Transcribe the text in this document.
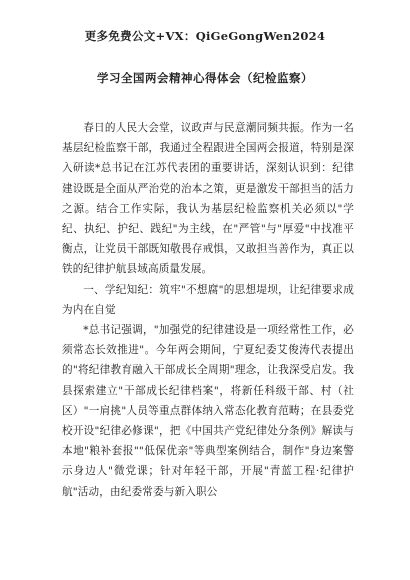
更多免费公文+VX：QiGeGongWen2024
学习全国两会精神心得体会（纪检监察）

春日的人民大会堂，议政声与民意潮同频共振。作为一名基层纪检监察干部，我通过全程跟进全国两会报道，特别是深入研读*总书记在江苏代表团的重要讲话，深刻认识到：纪律建设既是全面从严治党的治本之策，更是激发干部担当的活力之源。结合工作实际，我认为基层纪检监察机关必须以"学纪、执纪、护纪、践纪"为主线，在"严管"与"厚爱"中找准平衡点，让党员干部既知敬畏存戒惧，又敢担当善作为，真正以铁的纪律护航县域高质量发展。

一、学纪知纪：筑牢"不想腐"的思想堤坝，让纪律要求成为内在自觉

*总书记强调，"加强党的纪律建设是一项经常性工作，必须常态长效推进"。今年两会期间，宁夏纪委艾俊涛代表提出的"将纪律教育融入干部成长全周期"理念，让我深受启发。我县探索建立"干部成长纪律档案"，将新任科级干部、村（社区）"一肩挑"人员等重点群体纳入常态化教育范畴；在县委党校开设"纪律必修课"，把《中国共产党纪律处分条例》解读与本地"粮补套报""低保优亲"等典型案例结合，制作"身边案警示身边人"微党课；针对年轻干部，开展"青蓝工程·纪律护航"活动，由纪委常委与新入职公
